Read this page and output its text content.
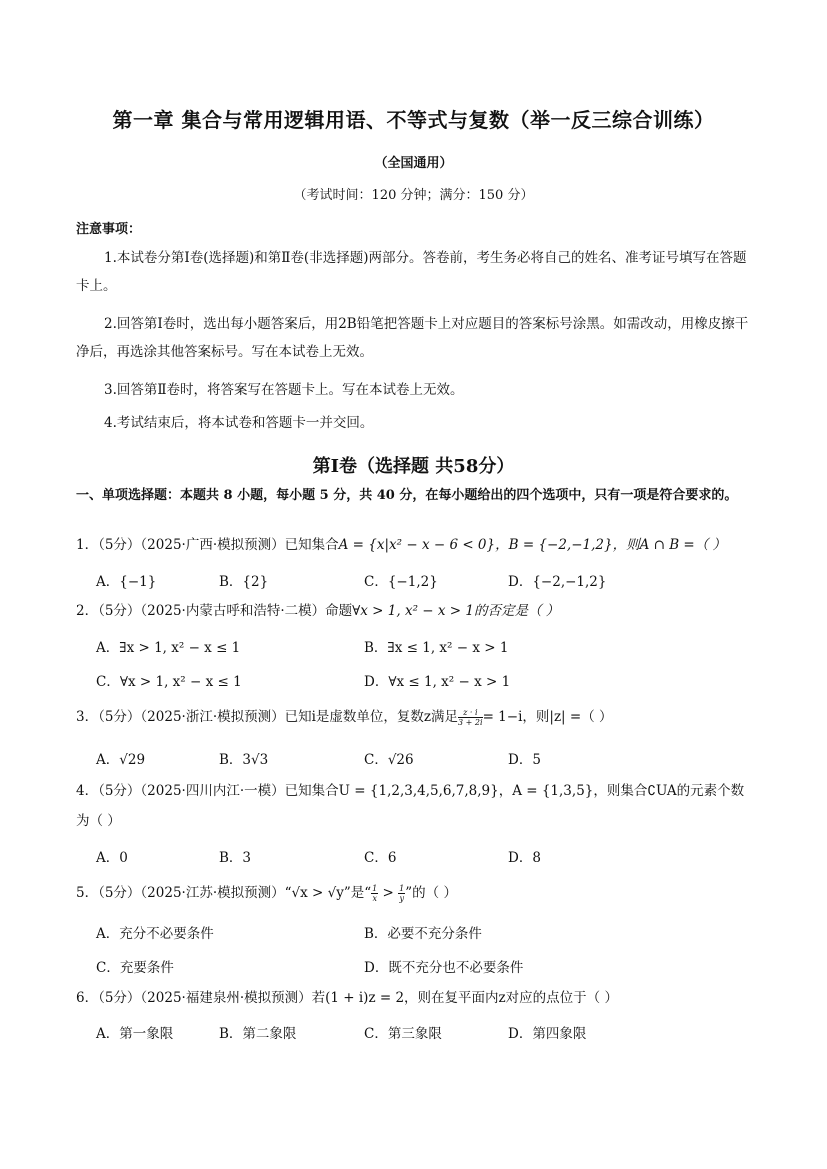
第一章 集合与常用逻辑用语、不等式与复数（举一反三综合训练）
（全国通用）
（考试时间：120 分钟；满分：150 分）
注意事项：
1.本试卷分第Ⅰ卷(选择题)和第Ⅱ卷(非选择题)两部分。答卷前，考生务必将自己的姓名、准考证号填写在答题卡上。
2.回答第Ⅰ卷时，选出每小题答案后，用2B铅笔把答题卡上对应题目的答案标号涂黑。如需改动，用橡皮擦干净后，再选涂其他答案标号。写在本试卷上无效。
3.回答第Ⅱ卷时，将答案写在答题卡上。写在本试卷上无效。
4.考试结束后，将本试卷和答题卡一并交回。
第Ⅰ卷（选择题 共58分）
一、单项选择题：本题共 8 小题，每小题 5 分，共 40 分，在每小题给出的四个选项中，只有一项是符合要求的。
1．（5分）（2025·广西·模拟预测）已知集合A = {x|x² − x − 6 < 0}，B = {−2,−1,2}，则A ∩ B =（ ）
A．{−1}	B．{2}	C．{−1,2}	D．{−2,−1,2}
2．（5分）（2025·内蒙古呼和浩特·二模）命题∀x > 1, x² − x > 1的否定是（ ）
A．∃x > 1, x² − x ≤ 1	B．∃x ≤ 1, x² − x > 1
C．∀x > 1, x² − x ≤ 1	D．∀x ≤ 1, x² − x > 1
3．（5分）（2025·浙江·模拟预测）已知i是虚数单位，复数z满足 $\frac{z \cdot i}{3 + 2i} = 1-i$，则|z| =（ ）
A．√29	B．3√3	C．√26	D．5
4．（5分）（2025·四川内江·一模）已知集合U = {1,2,3,4,5,6,7,8,9}，A = {1,3,5}，则集合∁UA的元素个数为（ ）
A．0	B．3	C．6	D．8
5．（5分）（2025·江苏·模拟预测）“√x > √y”是“ $\frac{1}{x} > \frac{1}{y}$ ”的（ ）
A．充分不必要条件	B．必要不充分条件
C．充要条件	D．既不充分也不必要条件
6．（5分）（2025·福建泉州·模拟预测）若(1 + i)z = 2，则在复平面内z对应的点位于（ ）
A．第一象限	B．第二象限	C．第三象限	D．第四象限
